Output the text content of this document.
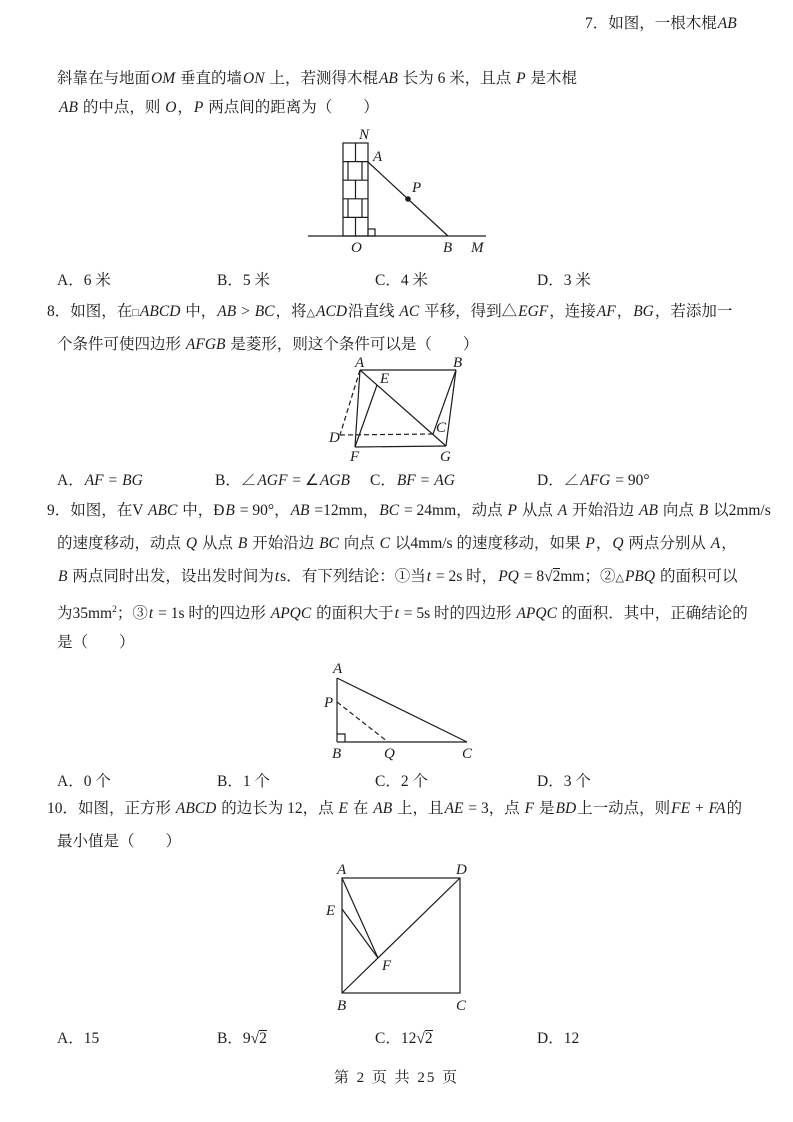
7．如图，一根木棍AB
斜靠在与地面OM 垂直的墙ON 上，若测得木棍AB 长为 6 米，且点 P 是木棍
AB 的中点，则 O，P 两点间的距离为（　　）
N
A
P
O	B M
A．6 米	B．5 米	C．4 米	D．3 米
8．如图，在□ABCD 中，AB > BC，将△ACD沿直线 AC 平移，得到△EGF，连接AF，BG，若添加一
个条件可使四边形 AFGB 是菱形，则这个条件可以是（　　）
A	B
E
D
F
C
G
A．AF = BG	B．∠AGF = ∠AGB C．BF = AG	D．∠AFG = 90°
9．如图，在V ABC 中，ÐB = 90°，AB =12mm，BC = 24mm，动点 P 从点 A 开始沿边 AB 向点 B 以2mm/s
的速度移动，动点 Q 从点 B 开始沿边 BC 向点 C 以4mm/s 的速度移动，如果 P，Q 两点分别从 A，
B 两点同时出发，设出发时间为ts．有下列结论：①当t = 2s 时，PQ = 8√2mm；②△PBQ 的面积可以
为$35mm^2$；③t = 1s 时的四边形 APQC 的面积大于t = 5s 时的四边形 APQC 的面积．其中，正确结论的
是（　　）
A
P
B	Q	C
A．0 个	B．1 个	C．2 个	D．3 个
10．如图，正方形 ABCD 的边长为 12，点 E 在 AB 上，且AE = 3，点 F 是BD上一动点，则FE + FA的
最小值是（　　）
A	D
E
F
B	C
A．15	B．9√2	C．12√2	D．12
第 2 页 共 25 页
